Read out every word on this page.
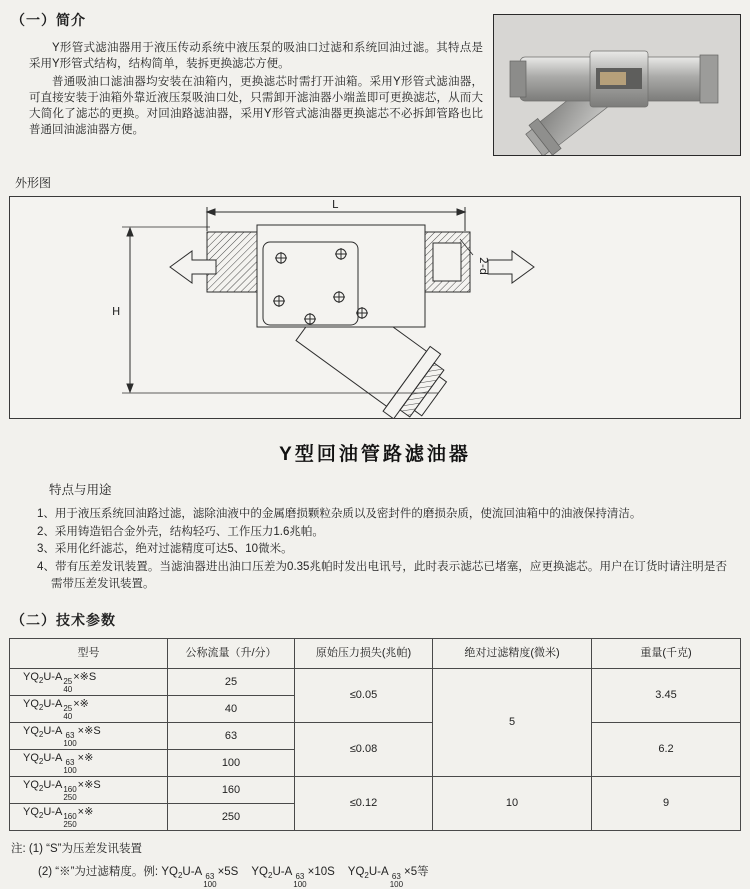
（一）简介

Y形管式滤油器用于液压传动系统中液压泵的吸油口过滤和系统回油过滤。其特点是采用Y形管式结构，结构简单，装拆更换滤芯方便。

普通吸油口滤油器均安装在油箱内，更换滤芯时需打开油箱。采用Y形管式滤油器，可直接安装于油箱外靠近液压泵吸油口处，只需卸开滤油器小端盖即可更换滤芯，从而大大简化了滤芯的更换。对回油路滤油器，采用Y形管式滤油器更换滤芯不必拆卸管路也比普通回油滤油器方便。

外形图
L
H
2-d
Y型回油管路滤油器
特点与用途
1、用于液压系统回油路过滤，滤除油液中的金属磨损颗粒杂质以及密封件的磨损杂质，使流回油箱中的油液保持清洁。
2、采用铸造铝合金外壳，结构轻巧、工作压力1.6兆帕。
3、采用化纤滤芯，绝对过滤精度可达5、10微米。
4、带有压差发讯装置。当滤油器进出油口压差为0.35兆帕时发出电讯号，此时表示滤芯已堵塞，应更换滤芯。用户在订货时请注明是否需带压差发讯装置。
（二）技术参数
型号	公称流量（升/分）	原始压力损失(兆帕)	绝对过滤精度(微米)	重量(千克)
$YQ_2U-A$ 25
40
×※S	25	≤0.05	5	3.45
$YQ_2U-A$ 25
40
×※	40			
$YQ_2U-A$ 63
100
×※S	63	≤0.08		6.2
$YQ_2U-A$ 63
100
×※	100			
$YQ_2U-A$ 160
250
×※S	160	≤0.12	10	9
$YQ_2U-A$ 160
250
×※	250			
注: (1) “S”为压差发讯装置
(2) “※”为过滤精度。例: $YQ_2U-A$ 63
100
×5S $YQ_2U-A$ 63
100
×10S $YQ_2U-A$ 63
100
×5等
